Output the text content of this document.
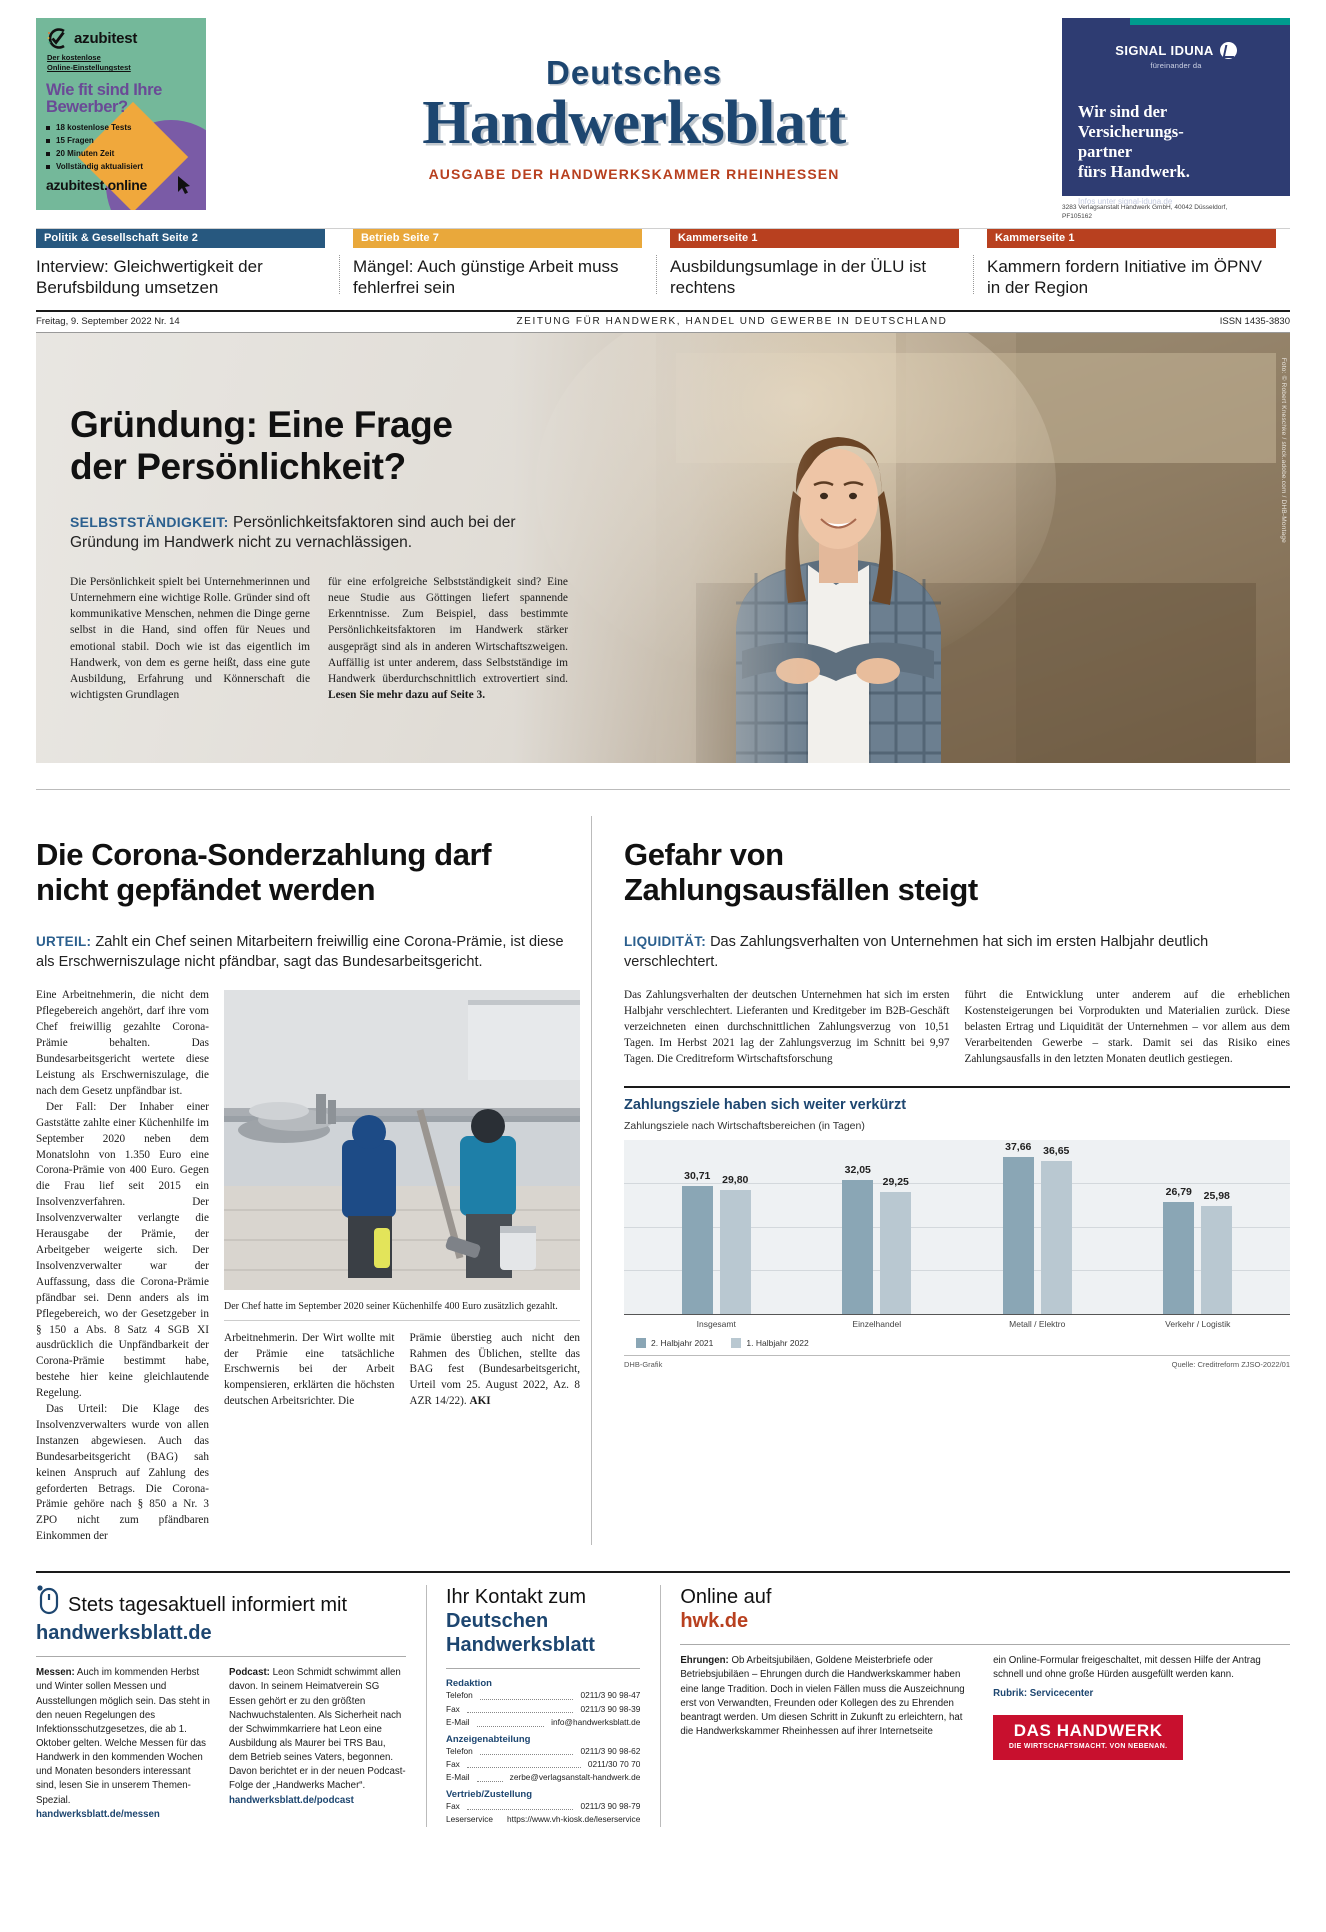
azubitest
Der kostenlose
Online-Einstellungstest
Wie fit sind Ihre
Bewerber?
18 kostenlose Tests
15 Fragen
20 Minuten Zeit
Vollständig aktualisiert
azubitest.online
Deutsches
Handwerksblatt
AUSGABE DER HANDWERKSKAMMER RHEINHESSEN
SIGNAL IDUNA
füreinander da
Wir sind der
Versicherungs-
partner
fürs Handwerk.
Infos unter signal-iduna.de
3283 Verlagsanstalt Handwerk GmbH, 40042 Düsseldorf,
PF105162
Politik & Gesellschaft Seite 2
Interview: Gleichwertigkeit der Berufsbildung umsetzen
Betrieb Seite 7
Mängel: Auch günstige Arbeit muss fehlerfrei sein
Kammerseite 1
Ausbildungsumlage in der ÜLU ist rechtens
Kammerseite 1
Kammern fordern Initiative im ÖPNV in der Region
Freitag, 9. September 2022 Nr. 14	ZEITUNG FÜR HANDWERK, HANDEL UND GEWERBE IN DEUTSCHLAND	ISSN 1435-3830
Foto: © Robert Kneschke / stock.adobe.com / DHB-Montage
Gründung: Eine Frage
der Persönlichkeit?
SELBSTSTÄNDIGKEIT: Persönlichkeitsfaktoren sind auch bei der Gründung im Handwerk nicht zu vernachlässigen.
Die Persönlichkeit spielt bei Unternehmerinnen und Unternehmern eine wichtige Rolle. Gründer sind oft kommunikative Menschen, nehmen die Dinge gerne selbst in die Hand, sind offen für Neues und emotional stabil. Doch wie ist das eigentlich im Handwerk, von dem es gerne heißt, dass eine gute Ausbildung, Erfahrung und Könnerschaft die wichtigsten Grundlagen
für eine erfolgreiche Selbstständigkeit sind? Eine neue Studie aus Göttingen liefert spannende Erkenntnisse. Zum Beispiel, dass bestimmte Persönlichkeitsfaktoren im Handwerk stärker ausgeprägt sind als in anderen Wirtschaftszweigen. Auffällig ist unter anderem, dass Selbstständige im Handwerk überdurchschnittlich extrovertiert sind. Lesen Sie mehr dazu auf Seite 3.
Die Corona-Sonderzahlung darf
nicht gepfändet werden
URTEIL: Zahlt ein Chef seinen Mitarbeitern freiwillig eine Corona-Prämie, ist diese als Erschwerniszulage nicht pfändbar, sagt das Bundesarbeitsgericht.

Eine Arbeitnehmerin, die nicht dem Pflegebereich angehört, darf ihre vom Chef freiwillig gezahlte Corona-Prämie behalten. Das Bundesarbeitsgericht wertete diese Leistung als Erschwerniszulage, die nach dem Gesetz unpfändbar ist.

Der Fall: Der Inhaber einer Gaststätte zahlte einer Küchenhilfe im September 2020 neben dem Monatslohn von 1.350 Euro eine Corona-Prämie von 400 Euro. Gegen die Frau lief seit 2015 ein Insolvenzverfahren. Der Insolvenzverwalter verlangte die Herausgabe der Prämie, der Arbeitgeber weigerte sich. Der Insolvenzverwalter war der Auffassung, dass die Corona-Prämie pfändbar sei. Denn anders als im Pflegebereich, wo der Gesetzgeber in § 150 a Abs. 8 Satz 4 SGB XI ausdrücklich die Unpfändbarkeit der Corona-Prämie bestimmt habe, bestehe hier keine gleichlautende Regelung.

Das Urteil: Die Klage des Insolvenzverwalters wurde von allen Instanzen abgewiesen. Auch das Bundesarbeitsgericht (BAG) sah keinen Anspruch auf Zahlung des geforderten Betrags. Die Corona-Prämie gehöre nach § 850 a Nr. 3 ZPO nicht zum pfändbaren Einkommen der

Foto: © hroeksike / stock.adobe.com
Der Chef hatte im September 2020 seiner Küchenhilfe 400 Euro zusätzlich gezahlt.

Arbeitnehmerin. Der Wirt wollte mit der Prämie eine tatsächliche Erschwernis bei der Arbeit kompensieren, erklärten die höchsten deutschen Arbeitsrichter. Die

Prämie überstieg auch nicht den Rahmen des Üblichen, stellte das BAG fest (Bundesarbeitsgericht, Urteil vom 25. August 2022, Az. 8 AZR 14/22). AKI

Gefahr von
Zahlungsausfällen steigt
LIQUIDITÄT: Das Zahlungsverhalten von Unternehmen hat sich im ersten Halbjahr deutlich verschlechtert.

Das Zahlungsverhalten der deutschen Unternehmen hat sich im ersten Halbjahr verschlechtert. Lieferanten und Kreditgeber im B2B-Geschäft verzeichneten einen durchschnittlichen Zahlungsverzug von 10,51 Tagen. Im Herbst 2021 lag der Zahlungsverzug im Schnitt bei 9,97 Tagen. Die Creditreform Wirtschaftsforschung

führt die Entwicklung unter anderem auf die erheblichen Kostensteigerungen bei Vorprodukten und Materialien zurück. Diese belasten Ertrag und Liquidität der Unternehmen – vor allem aus dem Verarbeitenden Gewerbe – stark. Damit sei das Risiko eines Zahlungsausfalls in den letzten Monaten deutlich gestiegen.

Zahlungsziele haben sich weiter verkürzt
Zahlungsziele nach Wirtschaftsbereichen (in Tagen)
30,71 29,80
32,05
29,25
37,66 36,65
26,79 25,98
Insgesamt	Einzelhandel	Metall / Elektro	Verkehr / Logistik
2. Halbjahr 2021	1. Halbjahr 2022
DHB-Grafik	Quelle: Creditreform ZJSO-2022/01
Stets tagesaktuell informiert mit
handwerksblatt.de
Messen: Auch im kommenden Herbst und Winter sollen Messen und Ausstellungen möglich sein. Das steht in den neuen Regelungen des Infektionsschutzgesetzes, die ab 1. Oktober gelten. Welche Messen für das Handwerk in den kommenden Wochen und Monaten besonders interessant sind, lesen Sie in unserem Themen-Spezial.
handwerksblatt.de/messen
Podcast: Leon Schmidt schwimmt allen davon. In seinem Heimatverein SG Essen gehört er zu den größten Nachwuchstalenten. Als Sicherheit nach der Schwimmkarriere hat Leon eine Ausbildung als Maurer bei TRS Bau, dem Betrieb seines Vaters, begonnen. Davon berichtet er in der neuen Podcast-Folge der „Handwerks Macher“.
handwerksblatt.de/podcast
Ihr Kontakt zum
Deutschen Handwerksblatt
Redaktion
Telefon	0211/3 90 98-47
Fax	0211/3 90 98-39
E-Mail	info@handwerksblatt.de
Anzeigenabteilung
Telefon	0211/3 90 98-62
Fax	0211/30 70 70
E-Mail	zerbe@verlagsanstalt-handwerk.de
Vertrieb/Zustellung
Fax	0211/3 90 98-79
Leserservice https://www.vh-kiosk.de/leserservice
Online auf
hwk.de
Ehrungen: Ob Arbeitsjubiläen, Goldene Meisterbriefe oder Betriebsjubiläen – Ehrungen durch die Handwerkskammer haben eine lange Tradition. Doch in vielen Fällen muss die Auszeichnung erst von Verwandten, Freunden oder Kollegen des zu Ehrenden beantragt werden. Um diesen Schritt in Zukunft zu erleichtern, hat die Handwerkskammer Rheinhessen auf ihrer Internetseite
ein Online-Formular freigeschaltet, mit dessen Hilfe der Antrag schnell und ohne große Hürden ausgefüllt werden kann.
Rubrik: Servicecenter
DAS HANDWERK
DIE WIRTSCHAFTSMACHT. VON NEBENAN.
